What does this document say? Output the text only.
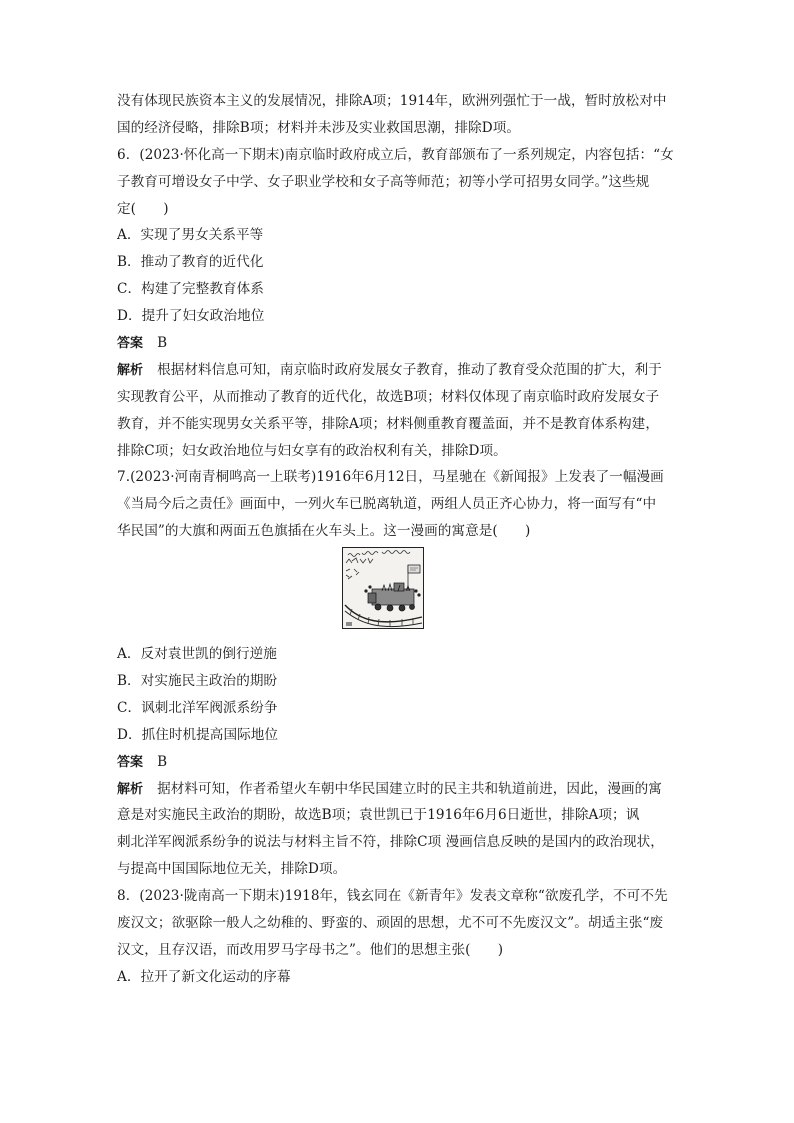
没有体现民族资本主义的发展情况，排除A项；1914年，欧洲列强忙于一战，暂时放松对中
国的经济侵略，排除B项；材料并未涉及实业救国思潮，排除D项。
6．(2023·怀化高一下期末)南京临时政府成立后，教育部颁布了一系列规定，内容包括：“女
子教育可增设女子中学、女子职业学校和女子高等师范；初等小学可招男女同学。”这些规
定(　　)
A．实现了男女关系平等
B．推动了教育的近代化
C．构建了完整教育体系
D．提升了妇女政治地位
答案 B
解析 根据材料信息可知，南京临时政府发展女子教育，推动了教育受众范围的扩大，利于
实现教育公平，从而推动了教育的近代化，故选B项；材料仅体现了南京临时政府发展女子
教育，并不能实现男女关系平等，排除A项；材料侧重教育覆盖面，并不是教育体系构建，
排除C项；妇女政治地位与妇女享有的政治权利有关，排除D项。
7.(2023·河南青桐鸣高一上联考)1916年6月12日，马星驰在《新闻报》上发表了一幅漫画
《当局今后之责任》画面中，一列火车已脱离轨道，两组人员正齐心协力，将一面写有“中
华民国”的大旗和两面五色旗插在火车头上。这一漫画的寓意是(　　)
A．反对袁世凯的倒行逆施
B．对实施民主政治的期盼
C．讽刺北洋军阀派系纷争
D．抓住时机提高国际地位
答案 B
解析 据材料可知，作者希望火车朝中华民国建立时的民主共和轨道前进，因此，漫画的寓
意是对实施民主政治的期盼，故选B项；袁世凯已于1916年6月6日逝世，排除A项；讽
刺北洋军阀派系纷争的说法与材料主旨不符，排除C项 漫画信息反映的是国内的政治现状，
与提高中国国际地位无关，排除D项。
8．(2023·陇南高一下期末)1918年，钱玄同在《新青年》发表文章称“欲废孔学，不可不先
废汉文；欲驱除一般人之幼稚的、野蛮的、顽固的思想，尤不可不先废汉文”。胡适主张“废
汉文，且存汉语，而改用罗马字母书之”。他们的思想主张(　　)
A．拉开了新文化运动的序幕
